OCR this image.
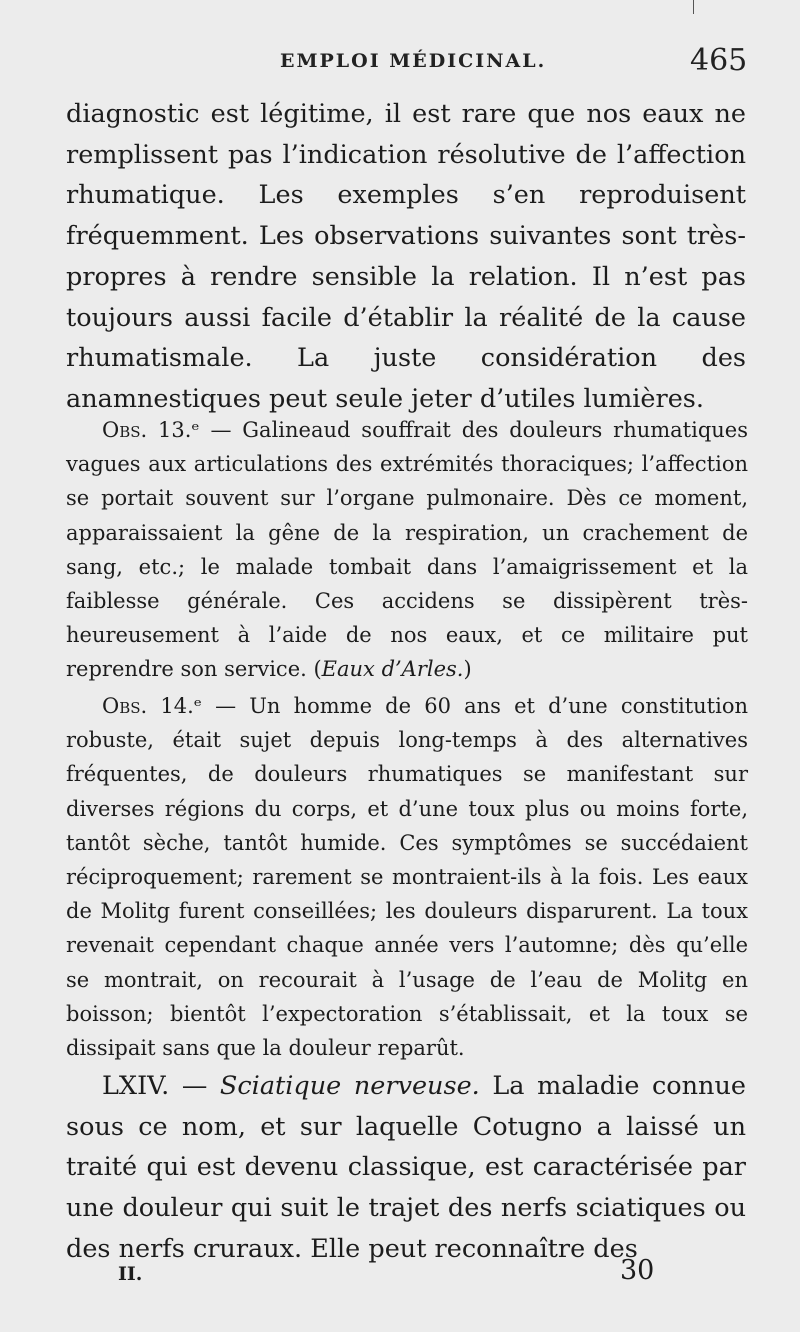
EMPLOI MÉDICINAL.	465

diagnostic est légitime, il est rare que nos eaux ne remplissent pas l’indication résolutive de l’affection rhumatique. Les exemples s’en reproduisent fréquemment. Les observations suivantes sont très-propres à rendre sensible la relation. Il n’est pas toujours aussi facile d’établir la réalité de la cause rhumatismale. La juste considération des anamnestiques peut seule jeter d’utiles lumières.

Obs. 13.ᵉ — Galineaud souffrait des douleurs rhumatiques vagues aux articulations des extrémités thoraciques; l’affection se portait souvent sur l’organe pulmonaire. Dès ce moment, apparaissaient la gêne de la respiration, un crachement de sang, etc.; le malade tombait dans l’amaigrissement et la faiblesse générale. Ces accidens se dissipèrent très-heureusement à l’aide de nos eaux, et ce militaire put reprendre son service. (Eaux d’Arles.)

Obs. 14.ᵉ — Un homme de 60 ans et d’une constitution robuste, était sujet depuis long-temps à des alternatives fréquentes, de douleurs rhumatiques se manifestant sur diverses régions du corps, et d’une toux plus ou moins forte, tantôt sèche, tantôt humide. Ces symptômes se succédaient réciproquement; rarement se montraient-ils à la fois. Les eaux de Molitg furent conseillées; les douleurs disparurent. La toux revenait cependant chaque année vers l’automne; dès qu’elle se montrait, on recourait à l’usage de l’eau de Molitg en boisson; bientôt l’expectoration s’établissait, et la toux se dissipait sans que la douleur reparût.

LXIV. — Sciatique nerveuse. La maladie connue sous ce nom, et sur laquelle Cotugno a laissé un traité qui est devenu classique, est caractérisée par une douleur qui suit le trajet des nerfs sciatiques ou des nerfs cruraux. Elle peut reconnaître des

II.	30
